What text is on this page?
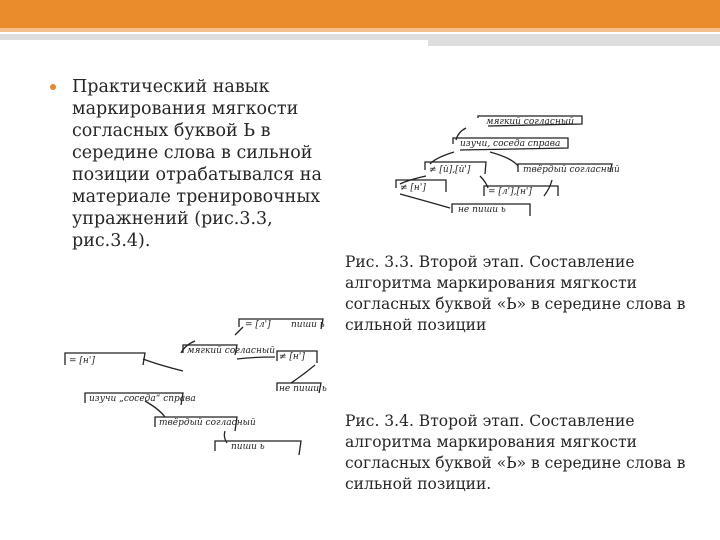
Практический навык
маркирования мягкости
согласных буквой Ь в
середине слова в сильной
позиции отрабатывался на
материале тренировочных
упражнений (рис.3.3,
рис.3.4).
мягкий согласный
изучи, соседа справа
≠ [й],[й']	твёрдый согласный
≠ [н']	= [л'],[н']
не пиши ь
= [л'] пиши ь
мягкий согласный
≠ [н']
= [н']
не пиши ь
изучи „соседа“ справа
твёрдый согласный
пиши ь
Рис. 3.3. Второй этап. Составление
алгоритма маркирования мягкости
согласных буквой «Ь» в середине слова в
сильной позиции
Рис. 3.4. Второй этап. Составление
алгоритма маркирования мягкости
согласных буквой «Ь» в середине слова в
сильной позиции.
